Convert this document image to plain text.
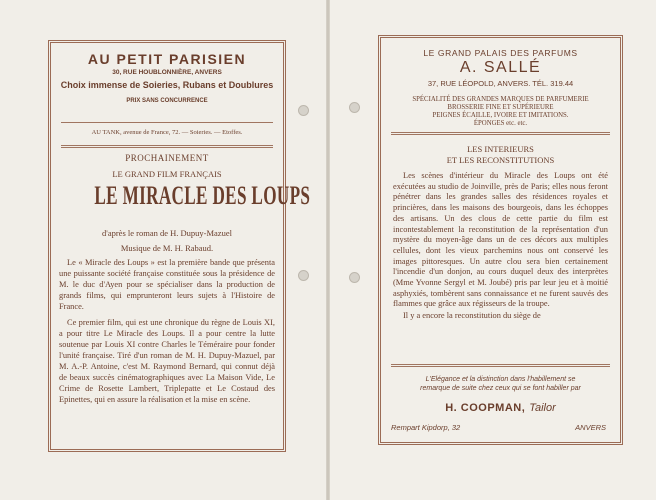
AU PETIT PARISIEN
30, RUE HOUBLONNIÈRE, ANVERS
Choix immense de Soieries, Rubans et Doublures
PRIX SANS CONCURRENCE
AU TANK, avenue de France, 72. — Soieries. — Etoffes.
PROCHAINEMENT
LE GRAND FILM FRANÇAIS
LE MIRACLE DES LOUPS
d'après le roman de H. Dupuy-Mazuel
Musique de M. H. Rabaud.

Le « Miracle des Loups » est la première bande que présenta une puissante société française constituée sous la présidence de M. le duc d'Ayen pour se spécialiser dans la production de grands films, qui emprunteront leurs sujets à l'Histoire de France.

Ce premier film, qui est une chronique du règne de Louis XI, a pour titre Le Miracle des Loups. Il a pour centre la lutte soutenue par Louis XI contre Charles le Téméraire pour fonder l'unité française. Tiré d'un roman de M. H. Dupuy-Mazuel, par M. A.-P. Antoine, c'est M. Raymond Bernard, qui connut déjà de beaux succès cinématographiques avec La Maison Vide, Le Crime de Rosette Lambert, Triplepatte et Le Costaud des Epinettes, qui en assure la réalisation et la mise en scène.

LE GRAND PALAIS DES PARFUMS
A. SALLÉ
37, RUE LÉOPOLD, ANVERS. TÉL. 319.44
SPÉCIALITÉ DES GRANDES MARQUES DE PARFUMERIE
BROSSERIE FINE ET SUPÉRIEURE
PEIGNES ÉCAILLE, IVOIRE ET IMITATIONS.
ÉPONGES etc. etc.
LES INTERIEURS
ET LES RECONSTITUTIONS

Les scènes d'intérieur du Miracle des Loups ont été exécutées au studio de Joinville, près de Paris; elles nous feront pénétrer dans les grandes salles des résidences royales et princières, dans les maisons des bourgeois, dans les échoppes des artisans. Un des clous de cette partie du film est incontestablement la reconstitution de la représentation d'un mystère du moyen-âge dans un de ces décors aux multiples cellules, dont les vieux parchemins nous ont conservé les images pittoresques. Un autre clou sera bien certainement l'incendie d'un donjon, au cours duquel deux des interprètes (Mme Yvonne Sergyl et M. Joubé) pris par leur jeu et à moitié asphyxiés, tombèrent sans connaissance et ne furent sauvés des flammes que grâce aux régisseurs de la troupe.

Il y a encore la reconstitution du siège de

L'Elégance et la distinction dans l'habillement se
remarque de suite chez ceux qui se font habiller par
H. COOPMAN, Tailor
Rempart Kipdorp, 32	ANVERS
